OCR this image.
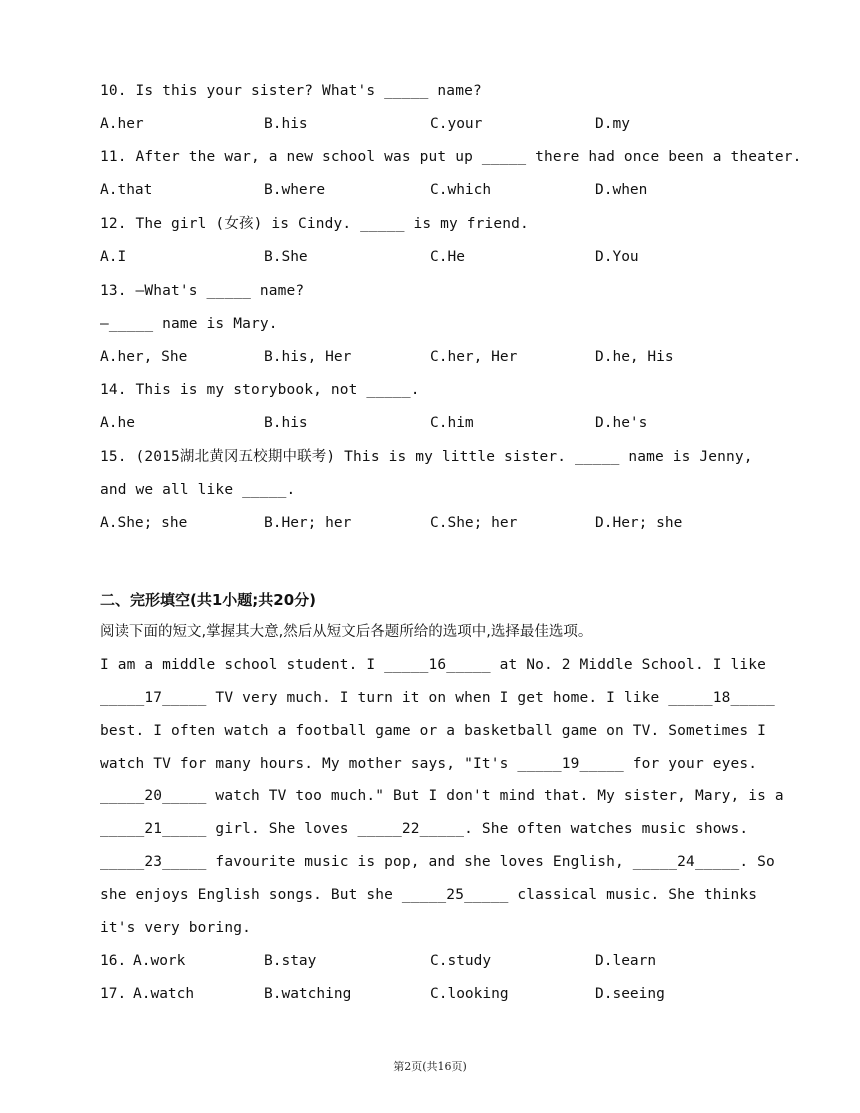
10. Is this your sister? What's _____ name?
A.her	B.his	C.your	D.my
11. After the war, a new school was put up _____ there had once been a theater.
A.that	B.where	C.which	D.when
12. The girl (女孩) is Cindy. _____ is my friend.
A.I	B.She	C.He	D.You
13. —What's _____ name?
—_____ name is Mary.
A.her, She	B.his, Her	C.her, Her	D.he, His
14. This is my storybook, not _____.
A.he	B.his	C.him	D.he's
15. (2015湖北黄冈五校期中联考) This is my little sister. _____ name is Jenny,
and we all like _____.
A.She; she	B.Her; her	C.She; her	D.Her; she
二、完形填空(共1小题;共20分)
阅读下面的短文,掌握其大意,然后从短文后各题所给的选项中,选择最佳选项。
I am a middle school student. I _____16_____ at No. 2 Middle School. I like
_____17_____ TV very much. I turn it on when I get home. I like _____18_____
best. I often watch a football game or a basketball game on TV. Sometimes I
watch TV for many hours. My mother says, "It's _____19_____ for your eyes.
_____20_____ watch TV too much." But I don't mind that. My sister, Mary, is a
_____21_____ girl. She loves _____22_____. She often watches music shows.
_____23_____ favourite music is pop, and she loves English, _____24_____. So
she enjoys English songs. But she _____25_____ classical music. She thinks
it's very boring.
16. A.work	B.stay	C.study	D.learn
17. A.watch	B.watching	C.looking	D.seeing
第2页(共16页)
